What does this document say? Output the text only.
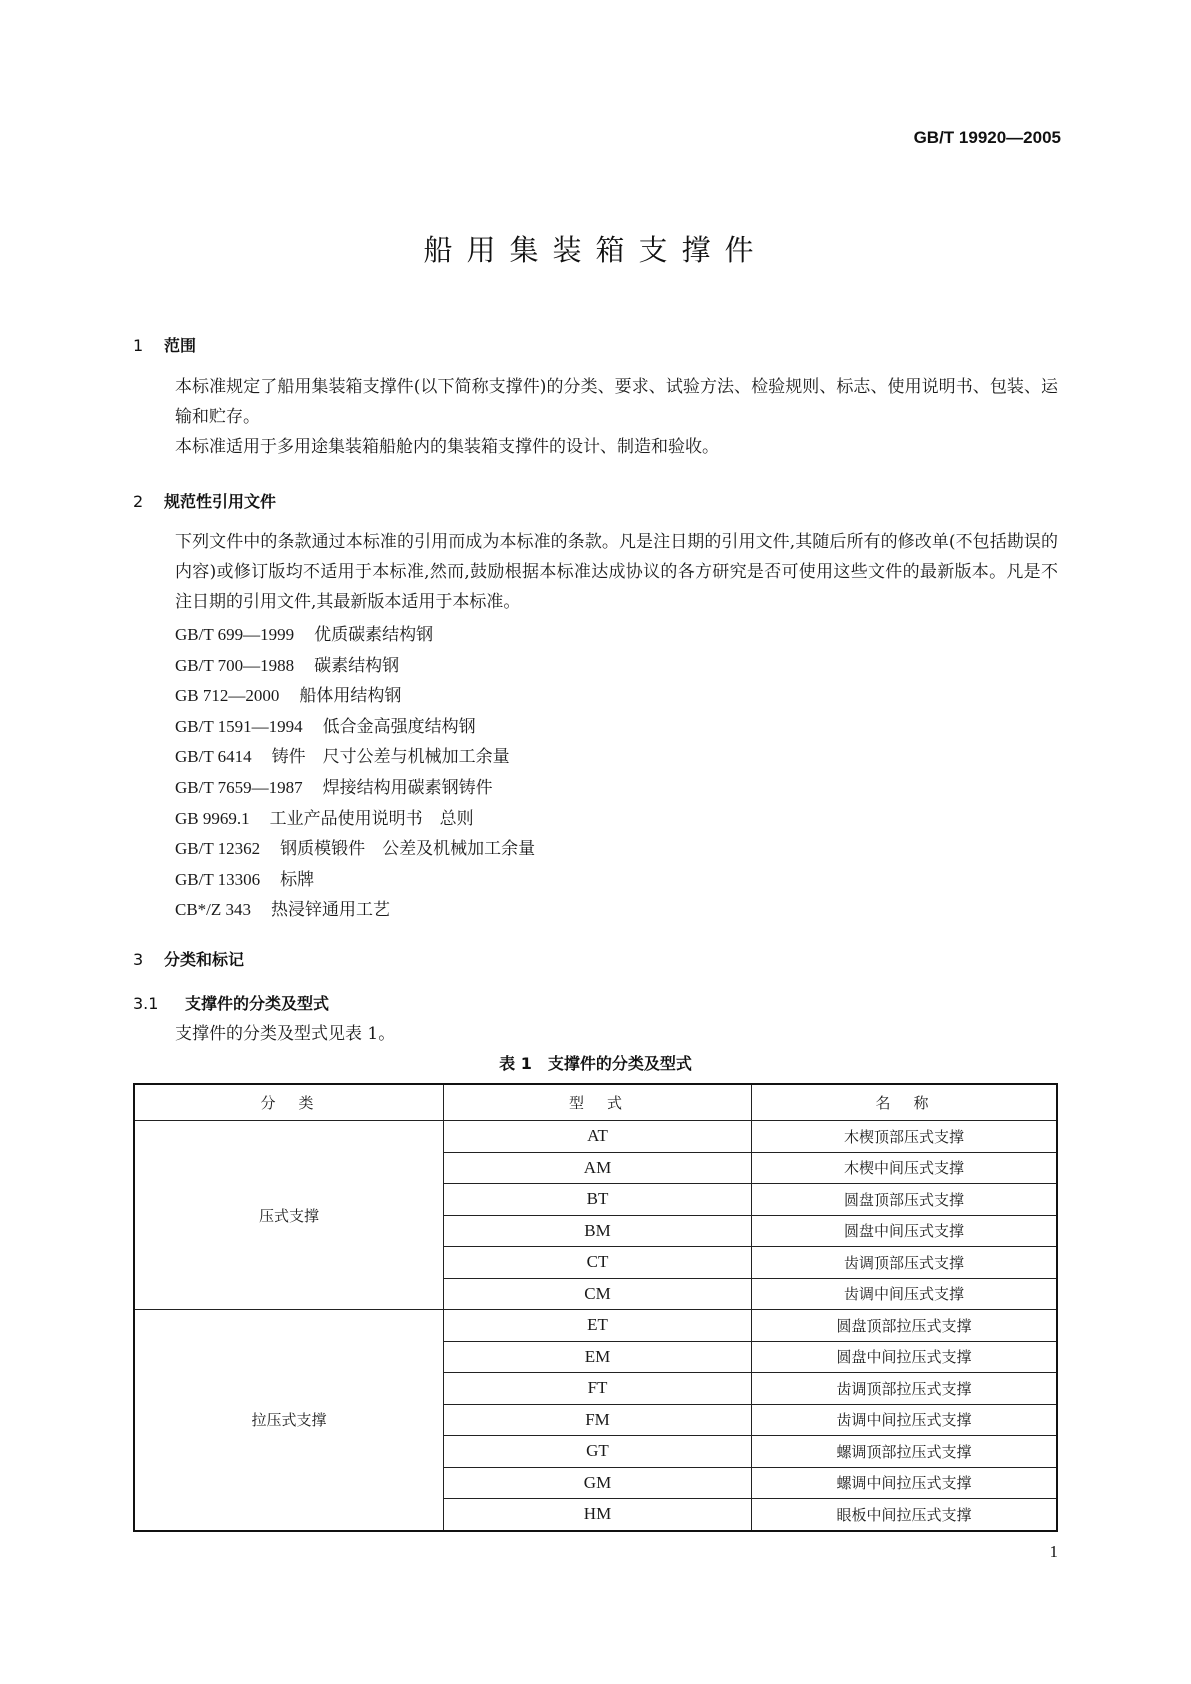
GB/T 19920—2005
船用集装箱支撑件
1 范围
本标准规定了船用集装箱支撑件(以下简称支撑件)的分类、要求、试验方法、检验规则、标志、使用说明书、包装、运输和贮存。
本标准适用于多用途集装箱船舱内的集装箱支撑件的设计、制造和验收。
2 规范性引用文件
下列文件中的条款通过本标准的引用而成为本标准的条款。凡是注日期的引用文件,其随后所有的修改单(不包括勘误的内容)或修订版均不适用于本标准,然而,鼓励根据本标准达成协议的各方研究是否可使用这些文件的最新版本。凡是不注日期的引用文件,其最新版本适用于本标准。
GB/T 699—1999 优质碳素结构钢
GB/T 700—1988 碳素结构钢
GB 712—2000 船体用结构钢
GB/T 1591—1994 低合金高强度结构钢
GB/T 6414 铸件　尺寸公差与机械加工余量
GB/T 7659—1987 焊接结构用碳素钢铸件
GB 9969.1 工业产品使用说明书　总则
GB/T 12362 钢质模锻件　公差及机械加工余量
GB/T 13306 标牌
CB*/Z 343 热浸锌通用工艺
3 分类和标记
3.1 支撑件的分类及型式
支撑件的分类及型式见表 1。
表 1　支撑件的分类及型式
分　类	型　式	名　称
压式支撑	AT	木楔顶部压式支撑
	AM	木楔中间压式支撑
	BT	圆盘顶部压式支撑
	BM	圆盘中间压式支撑
	CT	齿调顶部压式支撑
	CM	齿调中间压式支撑
拉压式支撑	ET	圆盘顶部拉压式支撑
	EM	圆盘中间拉压式支撑
	FT	齿调顶部拉压式支撑
	FM	齿调中间拉压式支撑
	GT	螺调顶部拉压式支撑
	GM	螺调中间拉压式支撑
	HM	眼板中间拉压式支撑
1
